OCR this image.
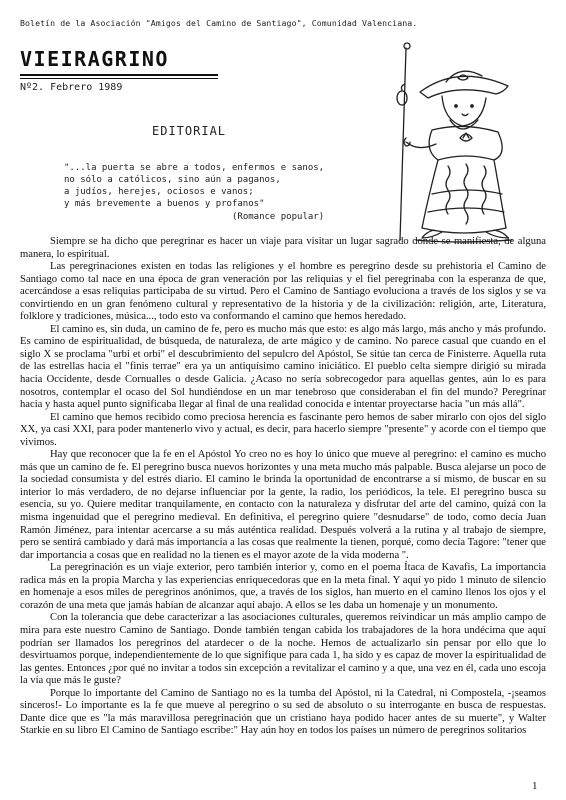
Boletín de la Asociación "Amigos del Camino de Santiago", Comunidad Valenciana.
VIEIRAGRINO
Nº2. Febrero 1989
EDITORIAL
"...la puerta se abre a todos, enfermos e sanos,
no sólo a católicos, sino aún a paganos,
a judíos, herejes, ociosos e vanos;
y más brevemente a buenos y profanos"
(Romance popular)

Siempre se ha dicho que peregrinar es hacer un viaje para visitar un lugar sagrado donde se manifiesta, de alguna manera, lo espiritual.

Las peregrinaciones existen en todas las religiones y el hombre es peregrino desde su prehistoria el Camino de Santiago como tal nace en una época de gran veneración por las reliquias y el fiel peregrinaba con la esperanza de que, acercándose a esas reliquias participaba de su virtud. Pero el Camino de Santiago evoluciona a través de los siglos y se va convirtiendo en un gran fenómeno cultural y representativo de la historia y de la civilización: religión, arte, Literatura, folklore y tradiciones, música..., todo esto va conformando el camino que hemos heredado.

El camino es, sin duda, un camino de fe, pero es mucho más que esto: es algo más largo, más ancho y más profundo. Es camino de espiritualidad, de búsqueda, de naturaleza, de arte mágico y de camino. No parece casual que cuando en el siglo X se proclama "urbi et orbi" el descubrimiento del sepulcro del Apóstol, Se sitúe tan cerca de Finisterre. Aquella ruta de las estrellas hacia el "finis terrae" era ya un antiquísimo camino iniciático. El pueblo celta siempre dirigió su mirada hacia Occidente, desde Cornualles o desde Galicia. ¿Acaso no sería sobrecogedor para aquellas gentes, aún lo es para nosotros, contemplar el ocaso del Sol hundiéndose en un mar tenebroso que consideraban el fin del mundo? Peregrinar hacia y hasta aquel punto significaba llegar al final de una realidad conocida e intentar proyectarse hacia "un más allá".

El camino que hemos recibido como preciosa herencia es fascinante pero hemos de saber mirarlo con ojos del siglo XX, ya casi XXI, para poder mantenerlo vivo y actual, es decir, para hacerlo siempre "presente" y acorde con el tiempo que vivimos.

Hay que reconocer que la fe en el Apóstol Yo creo no es hoy lo único que mueve al peregrino: el camino es mucho más que un camino de fe. El peregrino busca nuevos horizontes y una meta mucho más palpable. Busca alejarse un poco de la sociedad consumista y del estrés diario. El camino le brinda la oportunidad de encontrarse a sí mismo, de buscar en su interior lo más verdadero, de no dejarse influenciar por la gente, la radio, los periódicos, la tele. El peregrino busca su esencia, su yo. Quiere meditar tranquilamente, en contacto con la naturaleza y disfrutar del arte del camino, quizá con la misma ingenuidad que el peregrino medieval. En definitiva, el peregrino quiere "desnudarse" de todo, como decía Juan Ramón Jiménez, para intentar acercarse a su más auténtica realidad. Después volverá a la rutina y al trabajo de siempre, pero se sentirá cambiado y dará más importancia a las cosas que realmente la tienen, porqué, como decía Tagore: "tener que dar importancia a cosas que en realidad no la tienen es el mayor azote de la vida moderna ".

La peregrinación es un viaje exterior, pero también interior y, como en el poema Ítaca de Kavafis, La importancia radica más en la propia Marcha y las experiencias enriquecedoras que en la meta final. Y aquí yo pido 1 minuto de silencio en homenaje a esos miles de peregrinos anónimos, que, a través de los siglos, han muerto en el camino llenos los ojos y el corazón de una meta que jamás habían de alcanzar aquí abajo. A ellos se les daba un homenaje y un monumento.

Con la tolerancia que debe caracterizar a las asociaciones culturales, queremos reivindicar un más amplio campo de mira para este nuestro Camino de Santiago. Donde también tengan cabida los trabajadores de la hora undécima que aquí podrían ser llamados los peregrinos del atardecer o de la noche. Hemos de actualizarlo sin pensar por ello que lo desvirtuamos porque, independientemente de lo que signifique para cada 1, ha sido y es capaz de mover la espiritualidad de las gentes. Entonces ¿por qué no invitar a todos sin excepción a revitalizar el camino y a que, una vez en él, cada uno escoja la vía que más le guste?

Porque lo importante del Camino de Santiago no es la tumba del Apóstol, ni la Catedral, ni Compostela, -¡seamos sinceros!- Lo importante es la fe que mueve al peregrino o su sed de absoluto o su interrogante en busca de respuestas. Dante dice que es "la más maravillosa peregrinación que un cristiano haya podido hacer antes de su muerte", y Walter Starkie en su libro El Camino de Santiago escribe:" Hay aún hoy en todos los países un número de peregrinos solitarios

1
